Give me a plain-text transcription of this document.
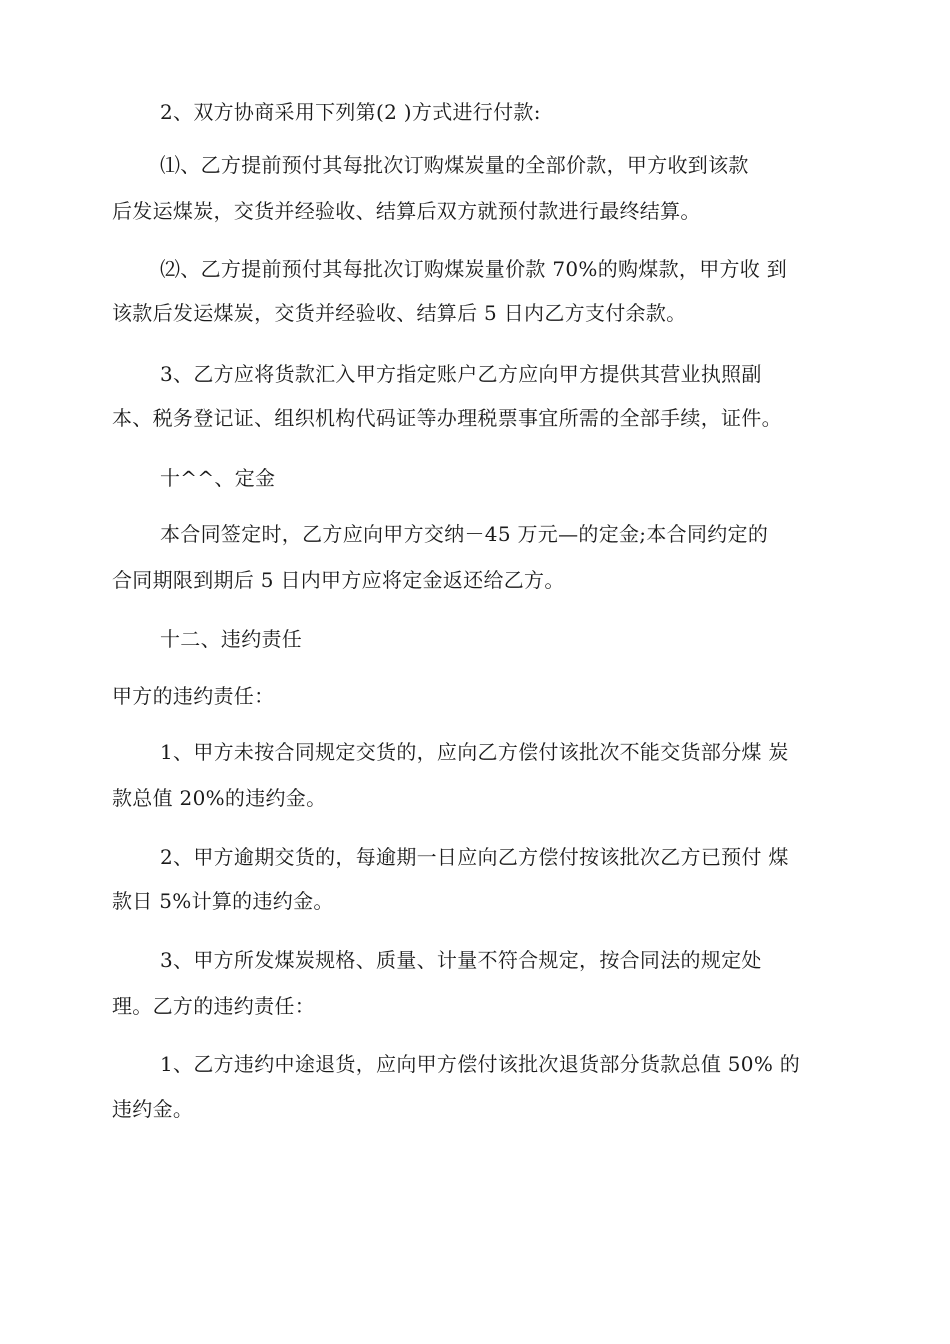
2、双方协商采用下列第(2 )方式进行付款:
⑴、乙方提前预付其每批次订购煤炭量的全部价款，甲方收到该款
后发运煤炭，交货并经验收、结算后双方就预付款进行最终结算。
⑵、乙方提前预付其每批次订购煤炭量价款 70%的购煤款，甲方收 到
该款后发运煤炭，交货并经验收、结算后 5 日内乙方支付余款。
3、乙方应将货款汇入甲方指定账户乙方应向甲方提供其营业执照副
本、税务登记证、组织机构代码证等办理税票事宜所需的全部手续，证件。
十^^、定金
本合同签定时，乙方应向甲方交纳－45 万元—的定金;本合同约定的
合同期限到期后 5 日内甲方应将定金返还给乙方。
十二、违约责任
甲方的违约责任：
1、甲方未按合同规定交货的，应向乙方偿付该批次不能交货部分煤 炭
款总值 20%的违约金。
2、甲方逾期交货的，每逾期一日应向乙方偿付按该批次乙方已预付 煤
款日 5%计算的违约金。
3、甲方所发煤炭规格、质量、计量不符合规定，按合同法的规定处
理。乙方的违约责任：
1、乙方违约中途退货，应向甲方偿付该批次退货部分货款总值 50% 的
违约金。
